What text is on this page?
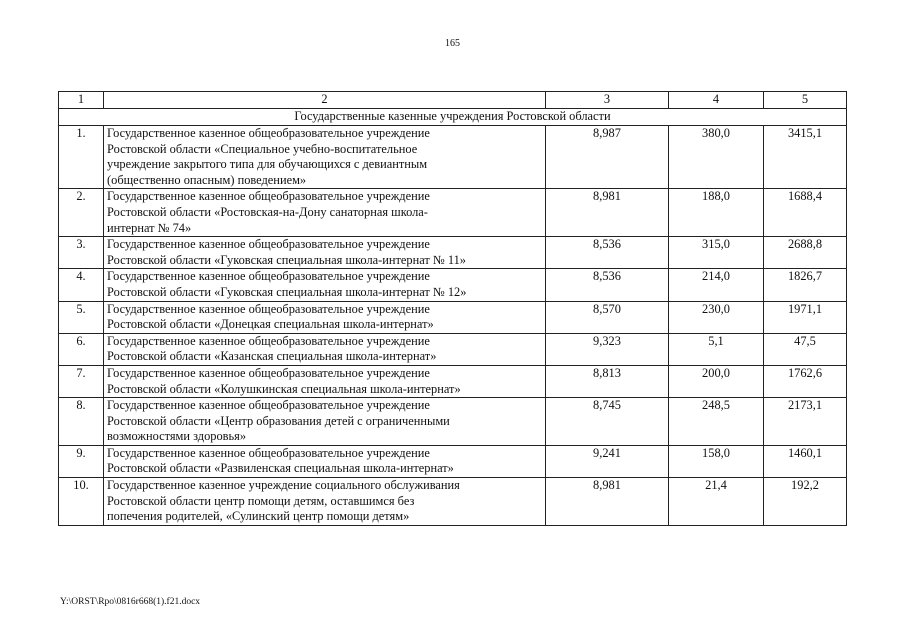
165
1	2	3	4	5
Государственные казенные учреждения Ростовской области				
1.	Государственное казенное общеобразовательное учреждение
Ростовской области «Специальное учебно-воспитательное
учреждение закрытого типа для обучающихся с девиантным
(общественно опасным) поведением»	8,987	380,0	3415,1
2.	Государственное казенное общеобразовательное учреждение
Ростовской области «Ростовская-на-Дону санаторная школа-
интернат № 74»	8,981	188,0	1688,4
3.	Государственное казенное общеобразовательное учреждение
Ростовской области «Гуковская специальная школа-интернат № 11»	8,536	315,0	2688,8
4.	Государственное казенное общеобразовательное учреждение
Ростовской области «Гуковская специальная школа-интернат № 12»	8,536	214,0	1826,7
5.	Государственное казенное общеобразовательное учреждение
Ростовской области «Донецкая специальная школа-интернат»	8,570	230,0	1971,1
6.	Государственное казенное общеобразовательное учреждение
Ростовской области «Казанская специальная школа-интернат»	9,323	5,1	47,5
7.	Государственное казенное общеобразовательное учреждение
Ростовской области «Колушкинская специальная школа-интернат»	8,813	200,0	1762,6
8.	Государственное казенное общеобразовательное учреждение
Ростовской области «Центр образования детей с ограниченными
возможностями здоровья»	8,745	248,5	2173,1
9.	Государственное казенное общеобразовательное учреждение
Ростовской области «Развиленская специальная школа-интернат»	9,241	158,0	1460,1
10.	Государственное казенное учреждение социального обслуживания
Ростовской области центр помощи детям, оставшимся без
попечения родителей, «Сулинский центр помощи детям»	8,981	21,4	192,2
Y:\ORST\Rpo\0816r668(1).f21.docx
